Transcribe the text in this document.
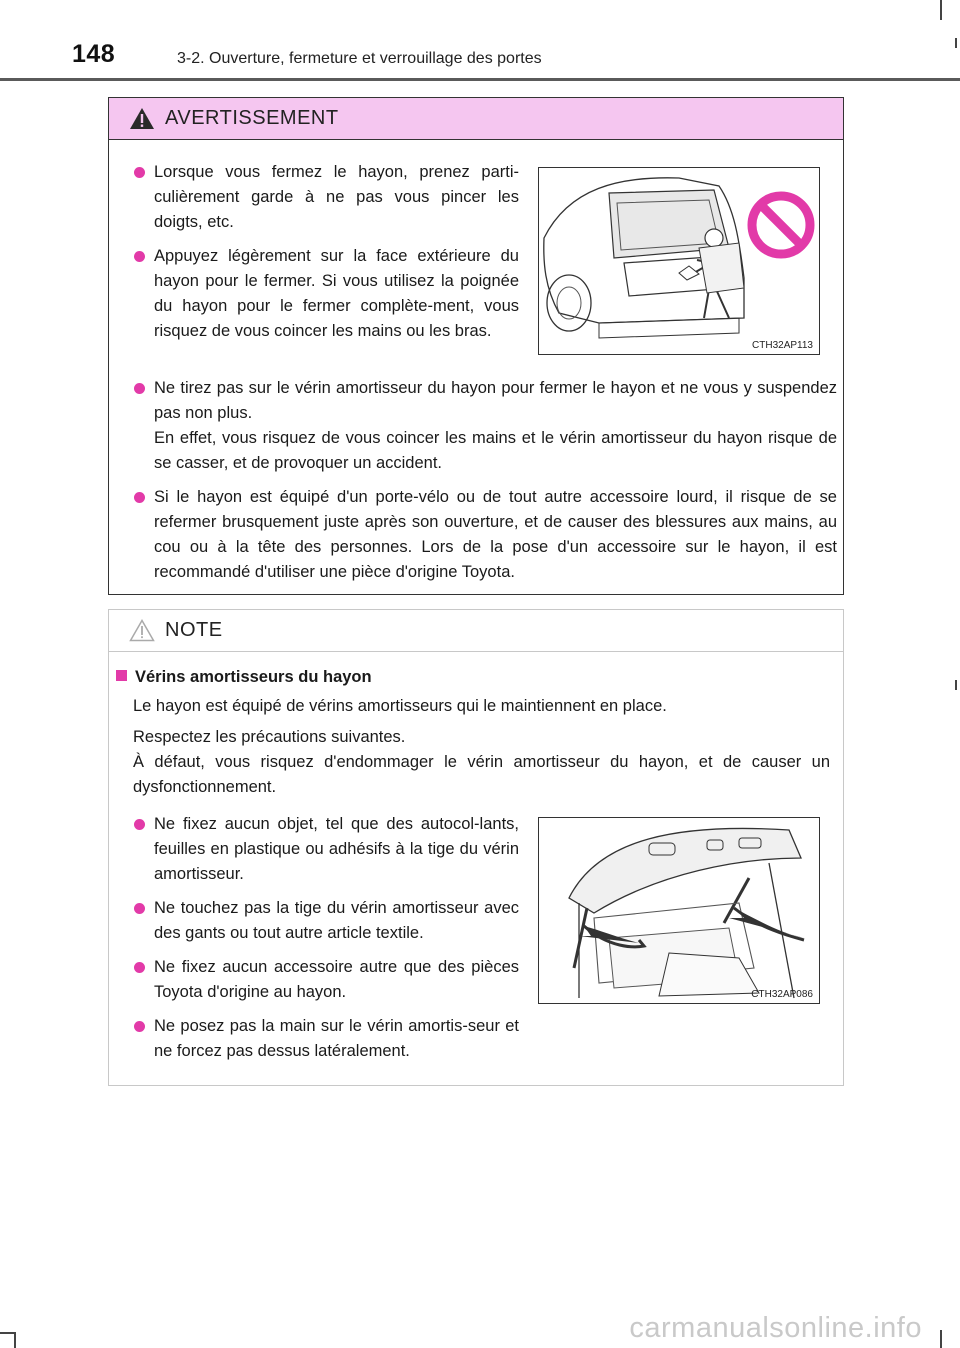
148	3-2. Ouverture, fermeture et verrouillage des portes
AVERTISSEMENT
Lorsque vous fermez le hayon, prenez parti-culièrement garde à ne pas vous pincer les doigts, etc.
Appuyez légèrement sur la face extérieure du hayon pour le fermer. Si vous utilisez la poignée du hayon pour le fermer complète-ment, vous risquez de vous coincer les mains ou les bras.
CTH32AP113
Ne tirez pas sur le vérin amortisseur du hayon pour fermer le hayon et ne vous y suspendez pas non plus.
En effet, vous risquez de vous coincer les mains et le vérin amortisseur du hayon risque de se casser, et de provoquer un accident.
Si le hayon est équipé d'un porte-vélo ou de tout autre accessoire lourd, il risque de se refermer brusquement juste après son ouverture, et de causer des blessures aux mains, au cou ou à la tête des personnes. Lors de la pose d'un accessoire sur le hayon, il est recommandé d'utiliser une pièce d'origine Toyota.
NOTE
Vérins amortisseurs du hayon

Le hayon est équipé de vérins amortisseurs qui le maintiennent en place.

Respectez les précautions suivantes.

À défaut, vous risquez d'endommager le vérin amortisseur du hayon, et de causer un dysfonctionnement.

Ne fixez aucun objet, tel que des autocol-lants, feuilles en plastique ou adhésifs à la tige du vérin amortisseur.
Ne touchez pas la tige du vérin amortisseur avec des gants ou tout autre article textile.
Ne fixez aucun accessoire autre que des pièces Toyota d'origine au hayon.
Ne posez pas la main sur le vérin amortis-seur et ne forcez pas dessus latéralement.
CTH32AP086
carmanualsonline.info
